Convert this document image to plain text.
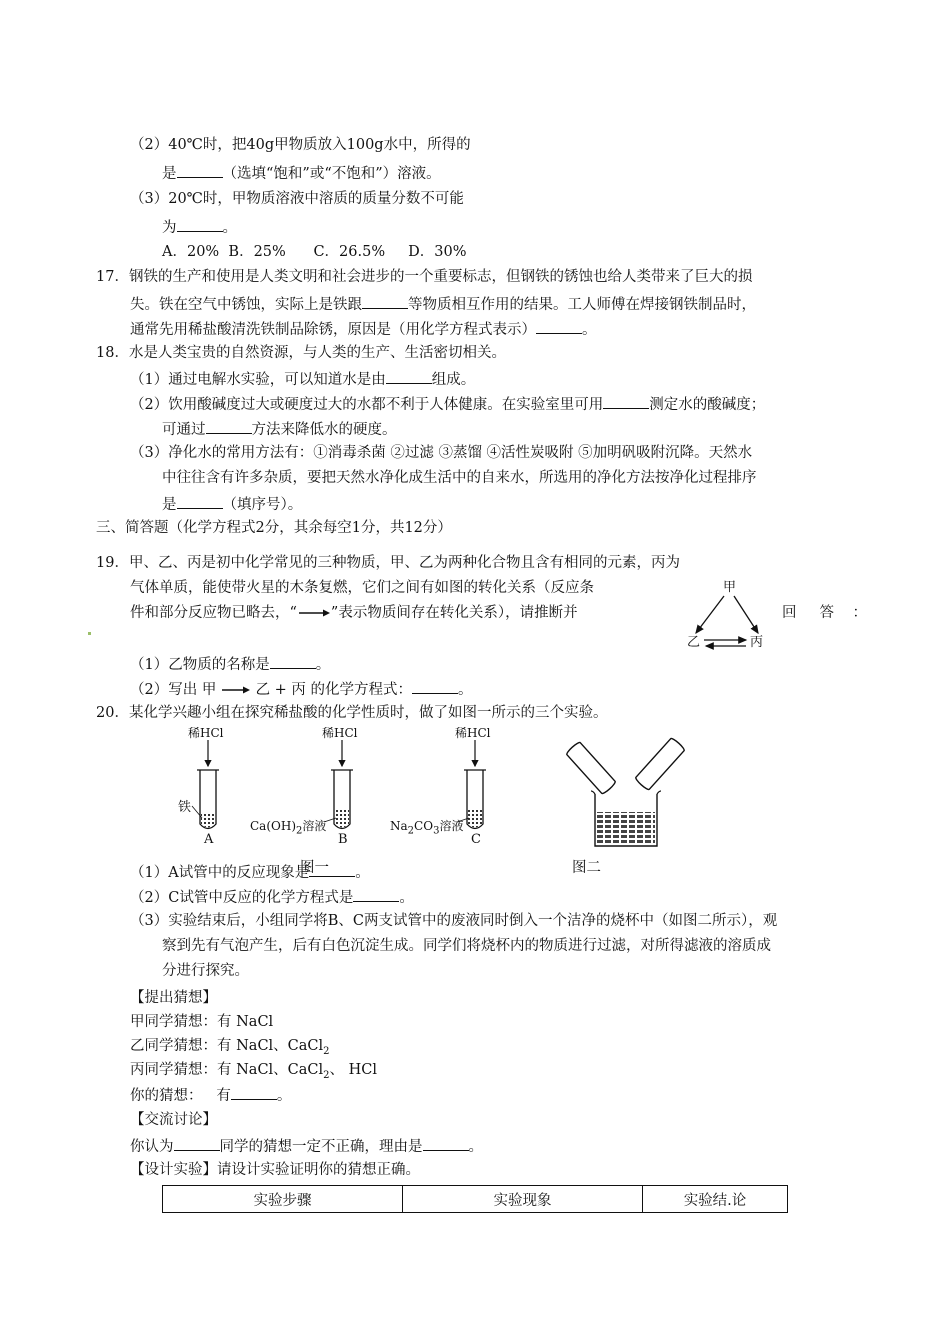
（2）40℃时，把40g甲物质放入100g水中，所得的
是	（选填“饱和”或“不饱和”）溶液。
（3）20℃时，甲物质溶液中溶质的质量分数不可能
为	。
A．20%  B．25%      C．26.5%     D．30%
17．钢铁的生产和使用是人类文明和社会进步的一个重要标志，但钢铁的锈蚀也给人类带来了巨大的损
失。铁在空气中锈蚀，实际上是铁跟	等物质相互作用的结果。工人师傅在焊接钢铁制品时，
通常先用稀盐酸清洗铁制品除锈，原因是（用化学方程式表示）	。
18．水是人类宝贵的自然资源，与人类的生产、生活密切相关。
（1）通过电解水实验，可以知道水是由	组成。
（2）饮用酸碱度过大或硬度过大的水都不利于人体健康。在实验室里可用	测定水的酸碱度；
可通过	方法来降低水的硬度。
（3）净化水的常用方法有：①消毒杀菌 ②过滤 ③蒸馏 ④活性炭吸附 ⑤加明矾吸附沉降。天然水
中往往含有许多杂质，要把天然水净化成生活中的自来水，所选用的净化方法按净化过程排序
是	（填序号）。
三、简答题（化学方程式2分，其余每空1分，共12分）
19．甲、乙、丙是初中化学常见的三种物质，甲、乙为两种化合物且含有相同的元素，丙为
气体单质，能使带火星的木条复燃，它们之间有如图的转化关系（反应条
件和部分反应物已略去，“ ”表示物质间存在转化关系），请推断并	回     答    ：
甲
乙	丙
（1）乙物质的名称是	。
（2）写出 甲	乙 + 丙 的化学方程式：	。
20．某化学兴趣小组在探究稀盐酸的化学性质时，做了如图一所示的三个实验。
稀HCl	稀HCl	稀HCl
铁
$Ca(OH)_2$溶液	$Na_2CO_3$溶液
A	B	C
（1）A试管中的反应现象是	。
图一	图二
（2）C试管中反应的化学方程式是	。
（3）实验结束后，小组同学将B、C两支试管中的废液同时倒入一个洁净的烧杯中（如图二所示），观
察到先有气泡产生，后有白色沉淀生成。同学们将烧杯内的物质进行过滤，对所得滤液的溶质成
分进行探究。
【提出猜想】
甲同学猜想：有 NaCl
乙同学猜想：有 NaCl、CaCl$_2$
丙同学猜想：有 NaCl、CaCl$_2$、 HCl
你的猜想：   有	。
【交流讨论】
你认为	同学的猜想一定不正确，理由是	。
【设计实验】请设计实验证明你的猜想正确。
实验步骤	实验现象	实验结.论
